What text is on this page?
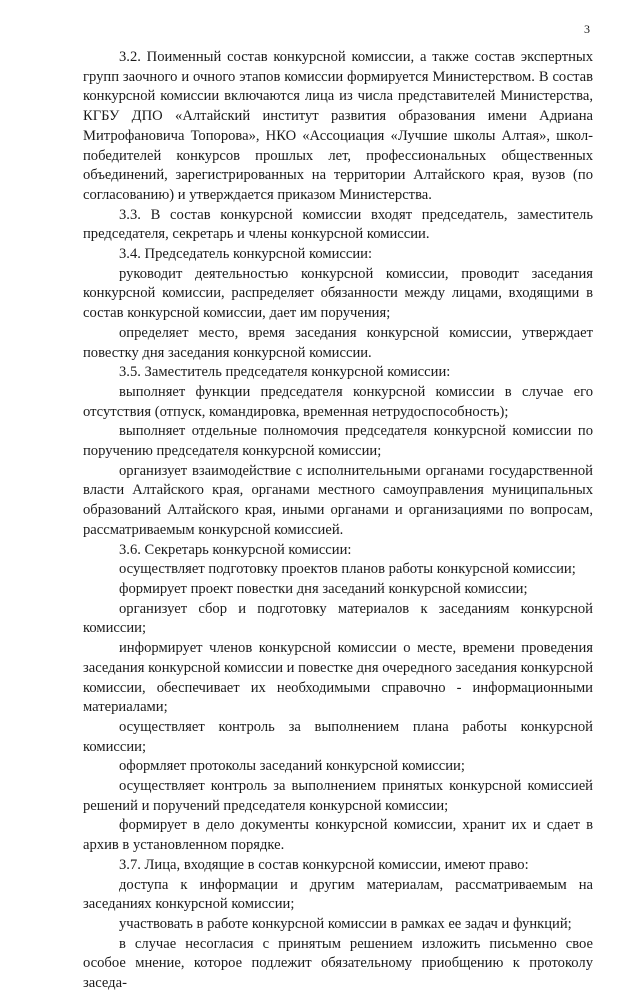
3

3.2. Поименный состав конкурсной комиссии, а также состав экспертных групп заочного и очного этапов комиссии формируется Министерством. В состав конкурсной комиссии включаются лица из числа представителей Министерства, КГБУ ДПО «Алтайский институт развития образования имени Адриана Митрофановича Топорова», НКО «Ассоциация «Лучшие школы Алтая», школ-победителей конкурсов прошлых лет, профессиональных общественных объединений, зарегистрированных на территории Алтайского края, вузов (по согласованию) и утверждается приказом Министерства.

3.3. В состав конкурсной комиссии входят председатель, заместитель председателя, секретарь и члены конкурсной комиссии.

3.4. Председатель конкурсной комиссии:

руководит деятельностью конкурсной комиссии, проводит заседания конкурсной комиссии, распределяет обязанности между лицами, входящими в состав конкурсной комиссии, дает им поручения;

определяет место, время заседания конкурсной комиссии, утверждает повестку дня заседания конкурсной комиссии.

3.5. Заместитель председателя конкурсной комиссии:

выполняет функции председателя конкурсной комиссии в случае его отсутствия (отпуск, командировка, временная нетрудоспособность);

выполняет отдельные полномочия председателя конкурсной комиссии по поручению председателя конкурсной комиссии;

организует взаимодействие с исполнительными органами государственной власти Алтайского края, органами местного самоуправления муниципальных образований Алтайского края, иными органами и организациями по вопросам, рассматриваемым конкурсной комиссией.

3.6. Секретарь конкурсной комиссии:

осуществляет подготовку проектов планов работы конкурсной комиссии;

формирует проект повестки дня заседаний конкурсной комиссии;

организует сбор и подготовку материалов к заседаниям конкурсной комиссии;

информирует членов конкурсной комиссии о месте, времени проведения заседания конкурсной комиссии и повестке дня очередного заседания конкурсной комиссии, обеспечивает их необходимыми справочно - информационными материалами;

осуществляет контроль за выполнением плана работы конкурсной комиссии;

оформляет протоколы заседаний конкурсной комиссии;

осуществляет контроль за выполнением принятых конкурсной комиссией решений и поручений председателя конкурсной комиссии;

формирует в дело документы конкурсной комиссии, хранит их и сдает в архив в установленном порядке.

3.7. Лица, входящие в состав конкурсной комиссии, имеют право:

доступа к информации и другим материалам, рассматриваемым на заседаниях конкурсной комиссии;

участвовать в работе конкурсной комиссии в рамках ее задач и функций;

в случае несогласия с принятым решением изложить письменно свое особое мнение, которое подлежит обязательному приобщению к протоколу заседа-
